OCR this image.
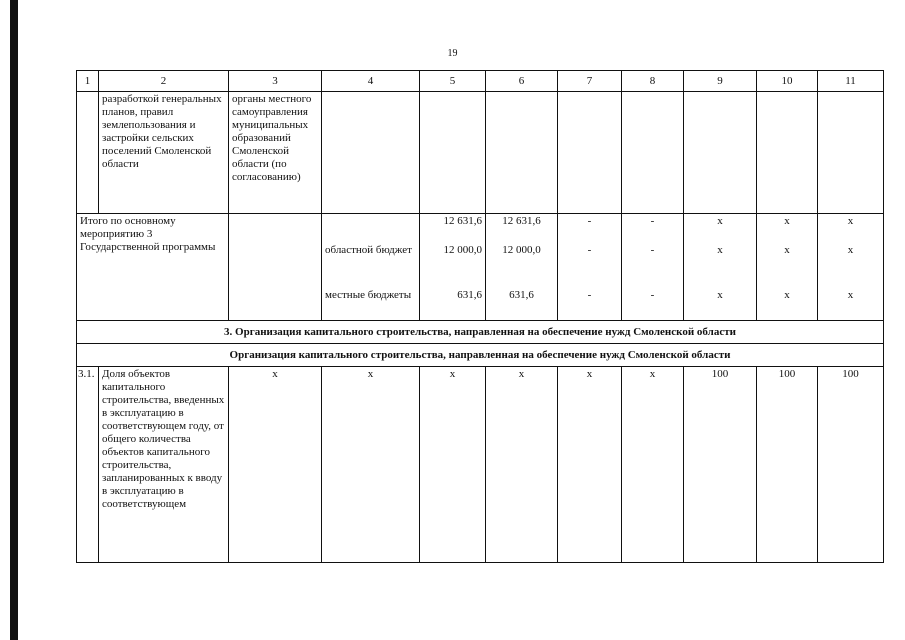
19
1	2	3	4	5	6	7	8	9	10	11
	разработкой генеральных планов, правил землепользования и застройки сельских поселений Смоленской области	органы местного самоуправления муниципальных образований Смоленской области (по согласованию)								
Итого по основному мероприятию 3 Государственной программы				12 631,6	12 631,6	-	-	х	х	х
			областной бюджет	12 000,0	12 000,0	-	-	х	х	х
			местные бюджеты	631,6	631,6	-	-	х	х	х
3. Организация капитального строительства, направленная на обеспечение нужд Смоленской области										
Организация капитального строительства, направленная на обеспечение нужд Смоленской области										
3.1.	Доля объектов капитального строительства, введенных в эксплуатацию в соответствующем году, от общего количества объектов капитального строительства, запланированных к вводу в эксплуатацию в соответствующем	х	х	х	х	х	х	100	100	100
